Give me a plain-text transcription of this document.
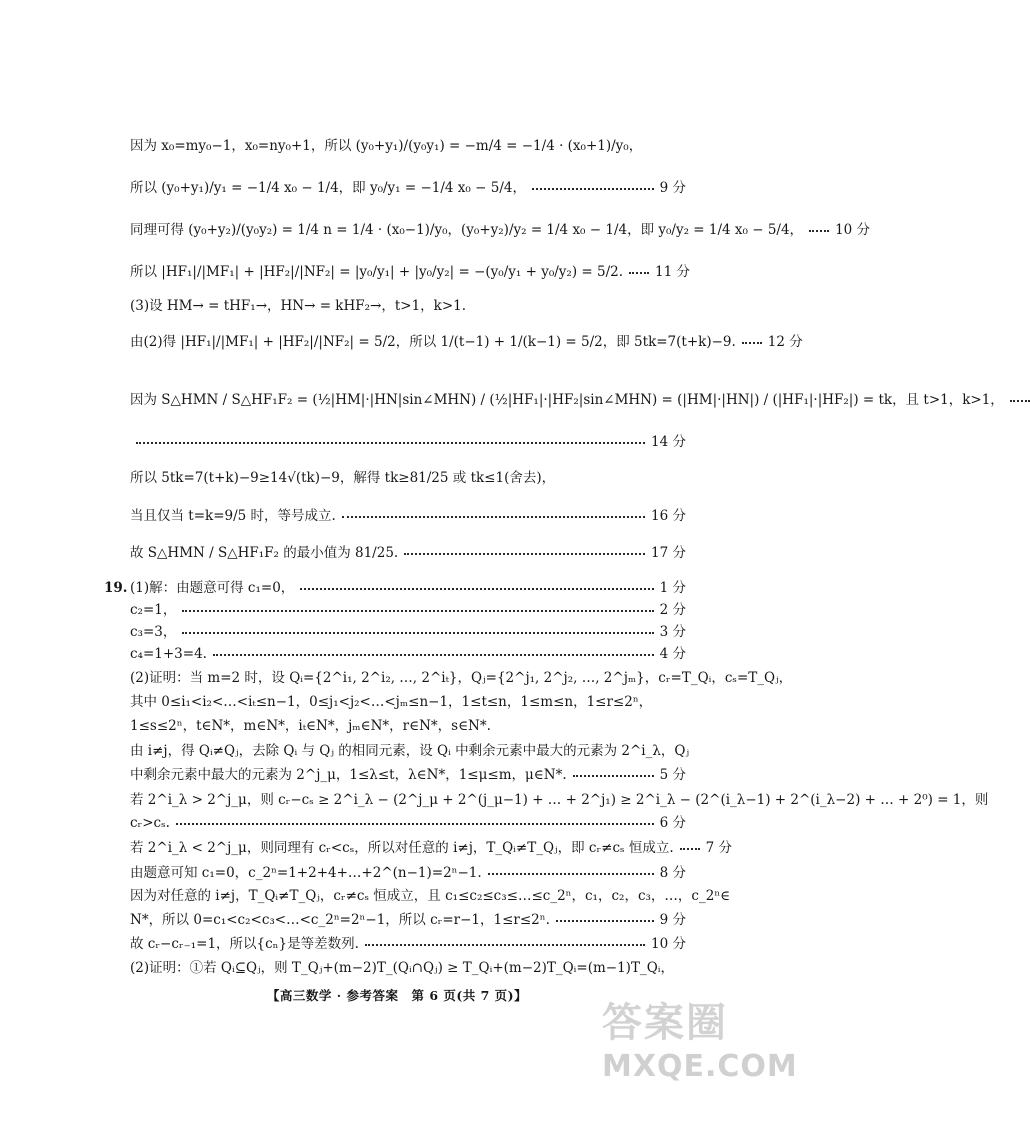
因为 x₀=my₀−1，x₀=ny₀+1，所以 (y₀+y₁)/(y₀y₁) = −m/4 = −1/4 · (x₀+1)/y₀，
所以 (y₀+y₁)/y₁ = −1/4 x₀ − 1/4，即 y₀/y₁ = −1/4 x₀ − 5/4，	9 分
同理可得 (y₀+y₂)/(y₀y₂) = 1/4 n = 1/4 · (x₀−1)/y₀，(y₀+y₂)/y₂ = 1/4 x₀ − 1/4，即 y₀/y₂ = 1/4 x₀ − 5/4， 10 分
所以 |HF₁|/|MF₁| + |HF₂|/|NF₂| = |y₀/y₁| + |y₀/y₂| = −(y₀/y₁ + y₀/y₂) = 5/2. 11 分
(3)设 HM→ = tHF₁→，HN→ = kHF₂→，t>1，k>1.
由(2)得 |HF₁|/|MF₁| + |HF₂|/|NF₂| = 5/2，所以 1/(t−1) + 1/(k−1) = 5/2，即 5tk=7(t+k)−9. 12 分
因为 S△HMN / S△HF₁F₂ = (½|HM|·|HN|sin∠MHN) / (½|HF₁|·|HF₂|sin∠MHN) = (|HM|·|HN|) / (|HF₁|·|HF₂|) = tk，且 t>1，k>1，
14 分
所以 5tk=7(t+k)−9≥14√(tk)−9，解得 tk≥81/25 或 tk≤1(舍去)，
当且仅当 t=k=9/5 时，等号成立.	16 分
故 S△HMN / S△HF₁F₂ 的最小值为 81/25.	17 分
19. (1)解：由题意可得 c₁=0，	1 分
c₂=1，	2 分
c₃=3，	3 分
c₄=1+3=4.	4 分
(2)证明：当 m=2 时，设 Qᵢ={2^i₁, 2^i₂, …, 2^iₜ}，Qⱼ={2^j₁, 2^j₂, …, 2^jₘ}，cᵣ=T_Qᵢ，cₛ=T_Qⱼ，
其中 0≤i₁<i₂<…<iₜ≤n−1，0≤j₁<j₂<…<jₘ≤n−1，1≤t≤n，1≤m≤n，1≤r≤2ⁿ，
1≤s≤2ⁿ，t∈N*，m∈N*，iₜ∈N*，jₘ∈N*，r∈N*，s∈N*.
由 i≠j，得 Qᵢ≠Qⱼ，去除 Qᵢ 与 Qⱼ 的相同元素，设 Qᵢ 中剩余元素中最大的元素为 2^i_λ，Qⱼ
中剩余元素中最大的元素为 2^j_μ，1≤λ≤t，λ∈N*，1≤μ≤m，μ∈N*.	5 分
若 2^i_λ > 2^j_μ，则 cᵣ−cₛ ≥ 2^i_λ − (2^j_μ + 2^(j_μ−1) + … + 2^j₁) ≥ 2^i_λ − (2^(i_λ−1) + 2^(i_λ−2) + … + 2⁰) = 1，则
cᵣ>cₛ.	6 分
若 2^i_λ < 2^j_μ，则同理有 cᵣ<cₛ，所以对任意的 i≠j，T_Qᵢ≠T_Qⱼ，即 cᵣ≠cₛ 恒成立. 7 分
由题意可知 c₁=0，c_2ⁿ=1+2+4+…+2^(n−1)=2ⁿ−1.	8 分
因为对任意的 i≠j，T_Qᵢ≠T_Qⱼ，cᵣ≠cₛ 恒成立，且 c₁≤c₂≤c₃≤…≤c_2ⁿ，c₁，c₂，c₃，…，c_2ⁿ∈
N*，所以 0=c₁<c₂<c₃<…<c_2ⁿ=2ⁿ−1，所以 cᵣ=r−1，1≤r≤2ⁿ.	9 分
故 cᵣ−cᵣ₋₁=1，所以{cₙ}是等差数列.	10 分
(2)证明：①若 Qᵢ⊆Qⱼ，则 T_Qⱼ+(m−2)T_(Qᵢ∩Qⱼ) ≥ T_Qᵢ+(m−2)T_Qᵢ=(m−1)T_Qᵢ，
【高三数学 · 参考答案　第 6 页(共 7 页)】
答案圈
MXQE.COM
